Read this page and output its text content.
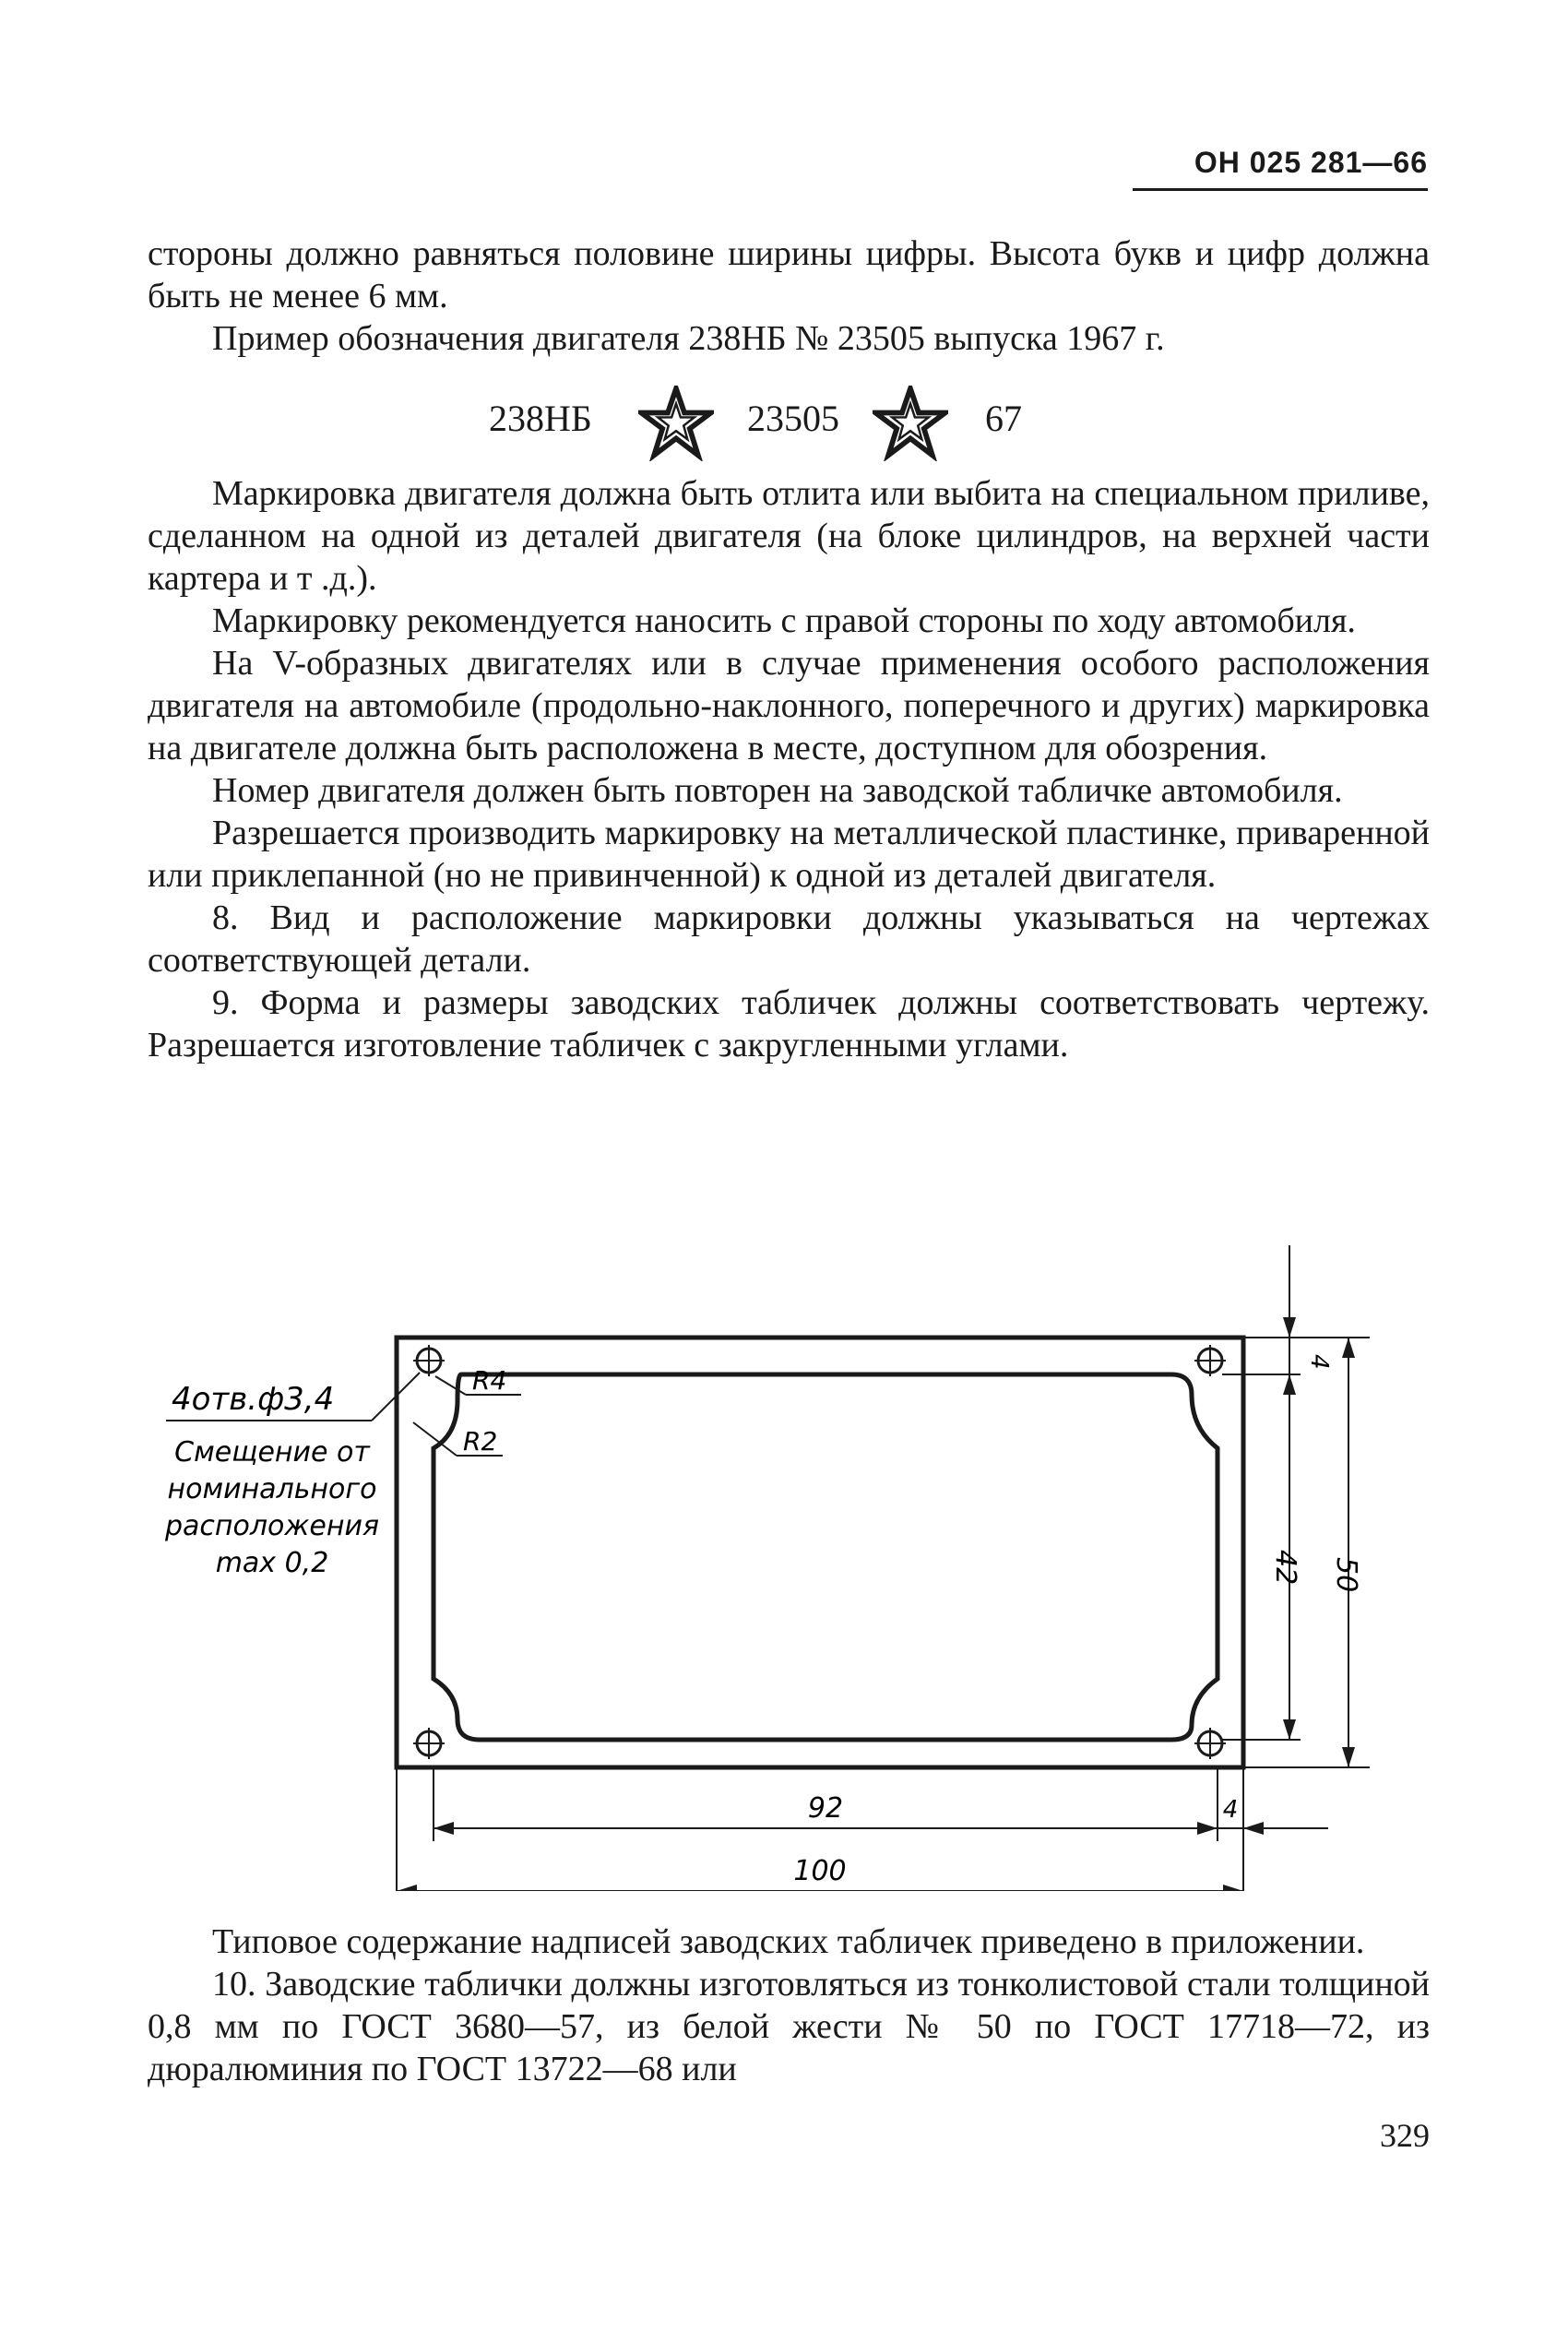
ОН 025 281—66

стороны должно равняться половине ширины цифры. Высота букв и цифр должна быть не менее 6 мм.

Пример обозначения двигателя 238НБ № 23505 выпуска 1967 г.

238НБ	23505	67

Маркировка двигателя должна быть отлита или выбита на специальном приливе, сделанном на одной из деталей двигателя (на блоке цилиндров, на верхней части картера и т .д.).

Маркировку рекомендуется наносить с правой стороны по ходу автомобиля.

На V-образных двигателях или в случае применения особого расположения двигателя на автомобиле (продольно-наклонного, поперечного и других) маркировка на двигателе должна быть расположена в месте, доступном для обозрения.

Номер двигателя должен быть повторен на заводской табличке автомобиля.

Разрешается производить маркировку на металлической пластинке, приваренной или приклепанной (но не привинченной) к одной из деталей двигателя.

8. Вид и расположение маркировки должны указываться на чертежах соответствующей детали.

9. Форма и размеры заводских табличек должны соответствовать чертежу. Разрешается изготовление табличек с закругленными углами.

4отв.ф3,4
Смещение от
номинального
расположения
max 0,2
R4
R2
4
42 50
92	4
100

Типовое содержание надписей заводских табличек приведено в приложении.

10. Заводские таблички должны изготовляться из тонколистовой стали толщиной 0,8 мм по ГОСТ 3680—57, из белой жести № 50 по ГОСТ 17718—72, из дюралюминия по ГОСТ 13722—68 или

329
